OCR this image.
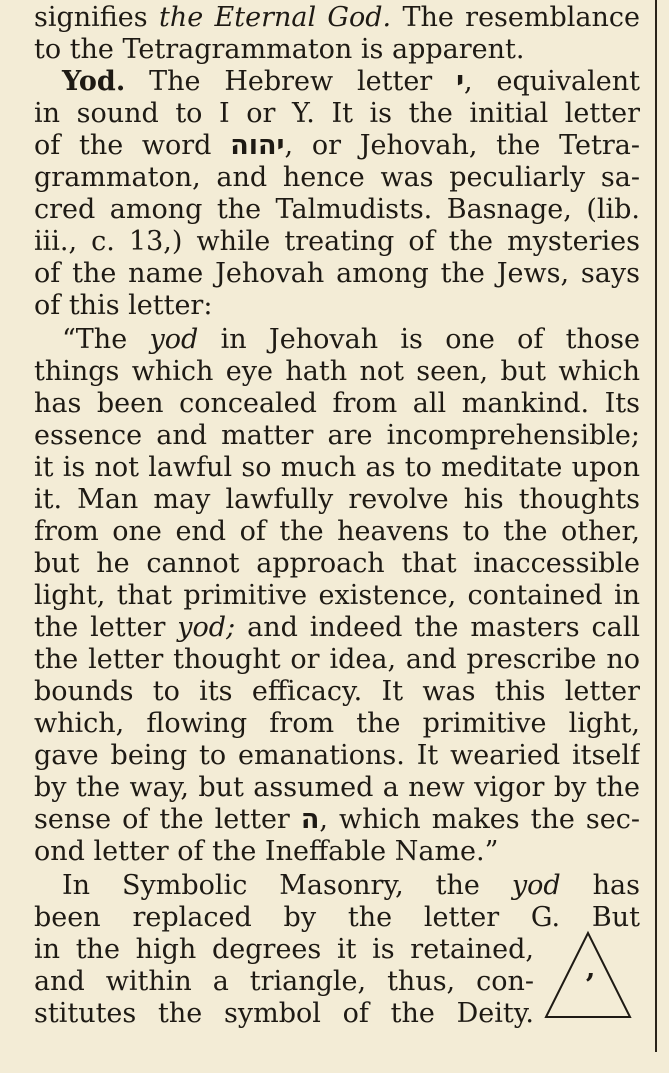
signifies the Eternal God. The resemblance
to the Tetragrammaton is apparent.
Yod. The Hebrew letter י, equivalent
in sound to I or Y. It is the initial letter
of the word יהוה, or Jehovah, the Tetra-
grammaton, and hence was peculiarly sa-
cred among the Talmudists. Basnage, (lib.
iii., c. 13,) while treating of the mysteries
of the name Jehovah among the Jews, says
of this letter:
“The yod in Jehovah is one of those
things which eye hath not seen, but which
has been concealed from all mankind. Its
essence and matter are incomprehensible;
it is not lawful so much as to meditate upon
it. Man may lawfully revolve his thoughts
from one end of the heavens to the other,
but he cannot approach that inaccessible
light, that primitive existence, contained in
the letter yod; and indeed the masters call
the letter thought or idea, and prescribe no
bounds to its efficacy. It was this letter
which, flowing from the primitive light,
gave being to emanations. It wearied itself
by the way, but assumed a new vigor by the
sense of the letter ה, which makes the sec-
ond letter of the Ineffable Name.”
In Symbolic Masonry, the yod has
been replaced by the letter G. But
in the high degrees it is retained,
and within a triangle, thus, con-
stitutes the symbol of the Deity.
’
